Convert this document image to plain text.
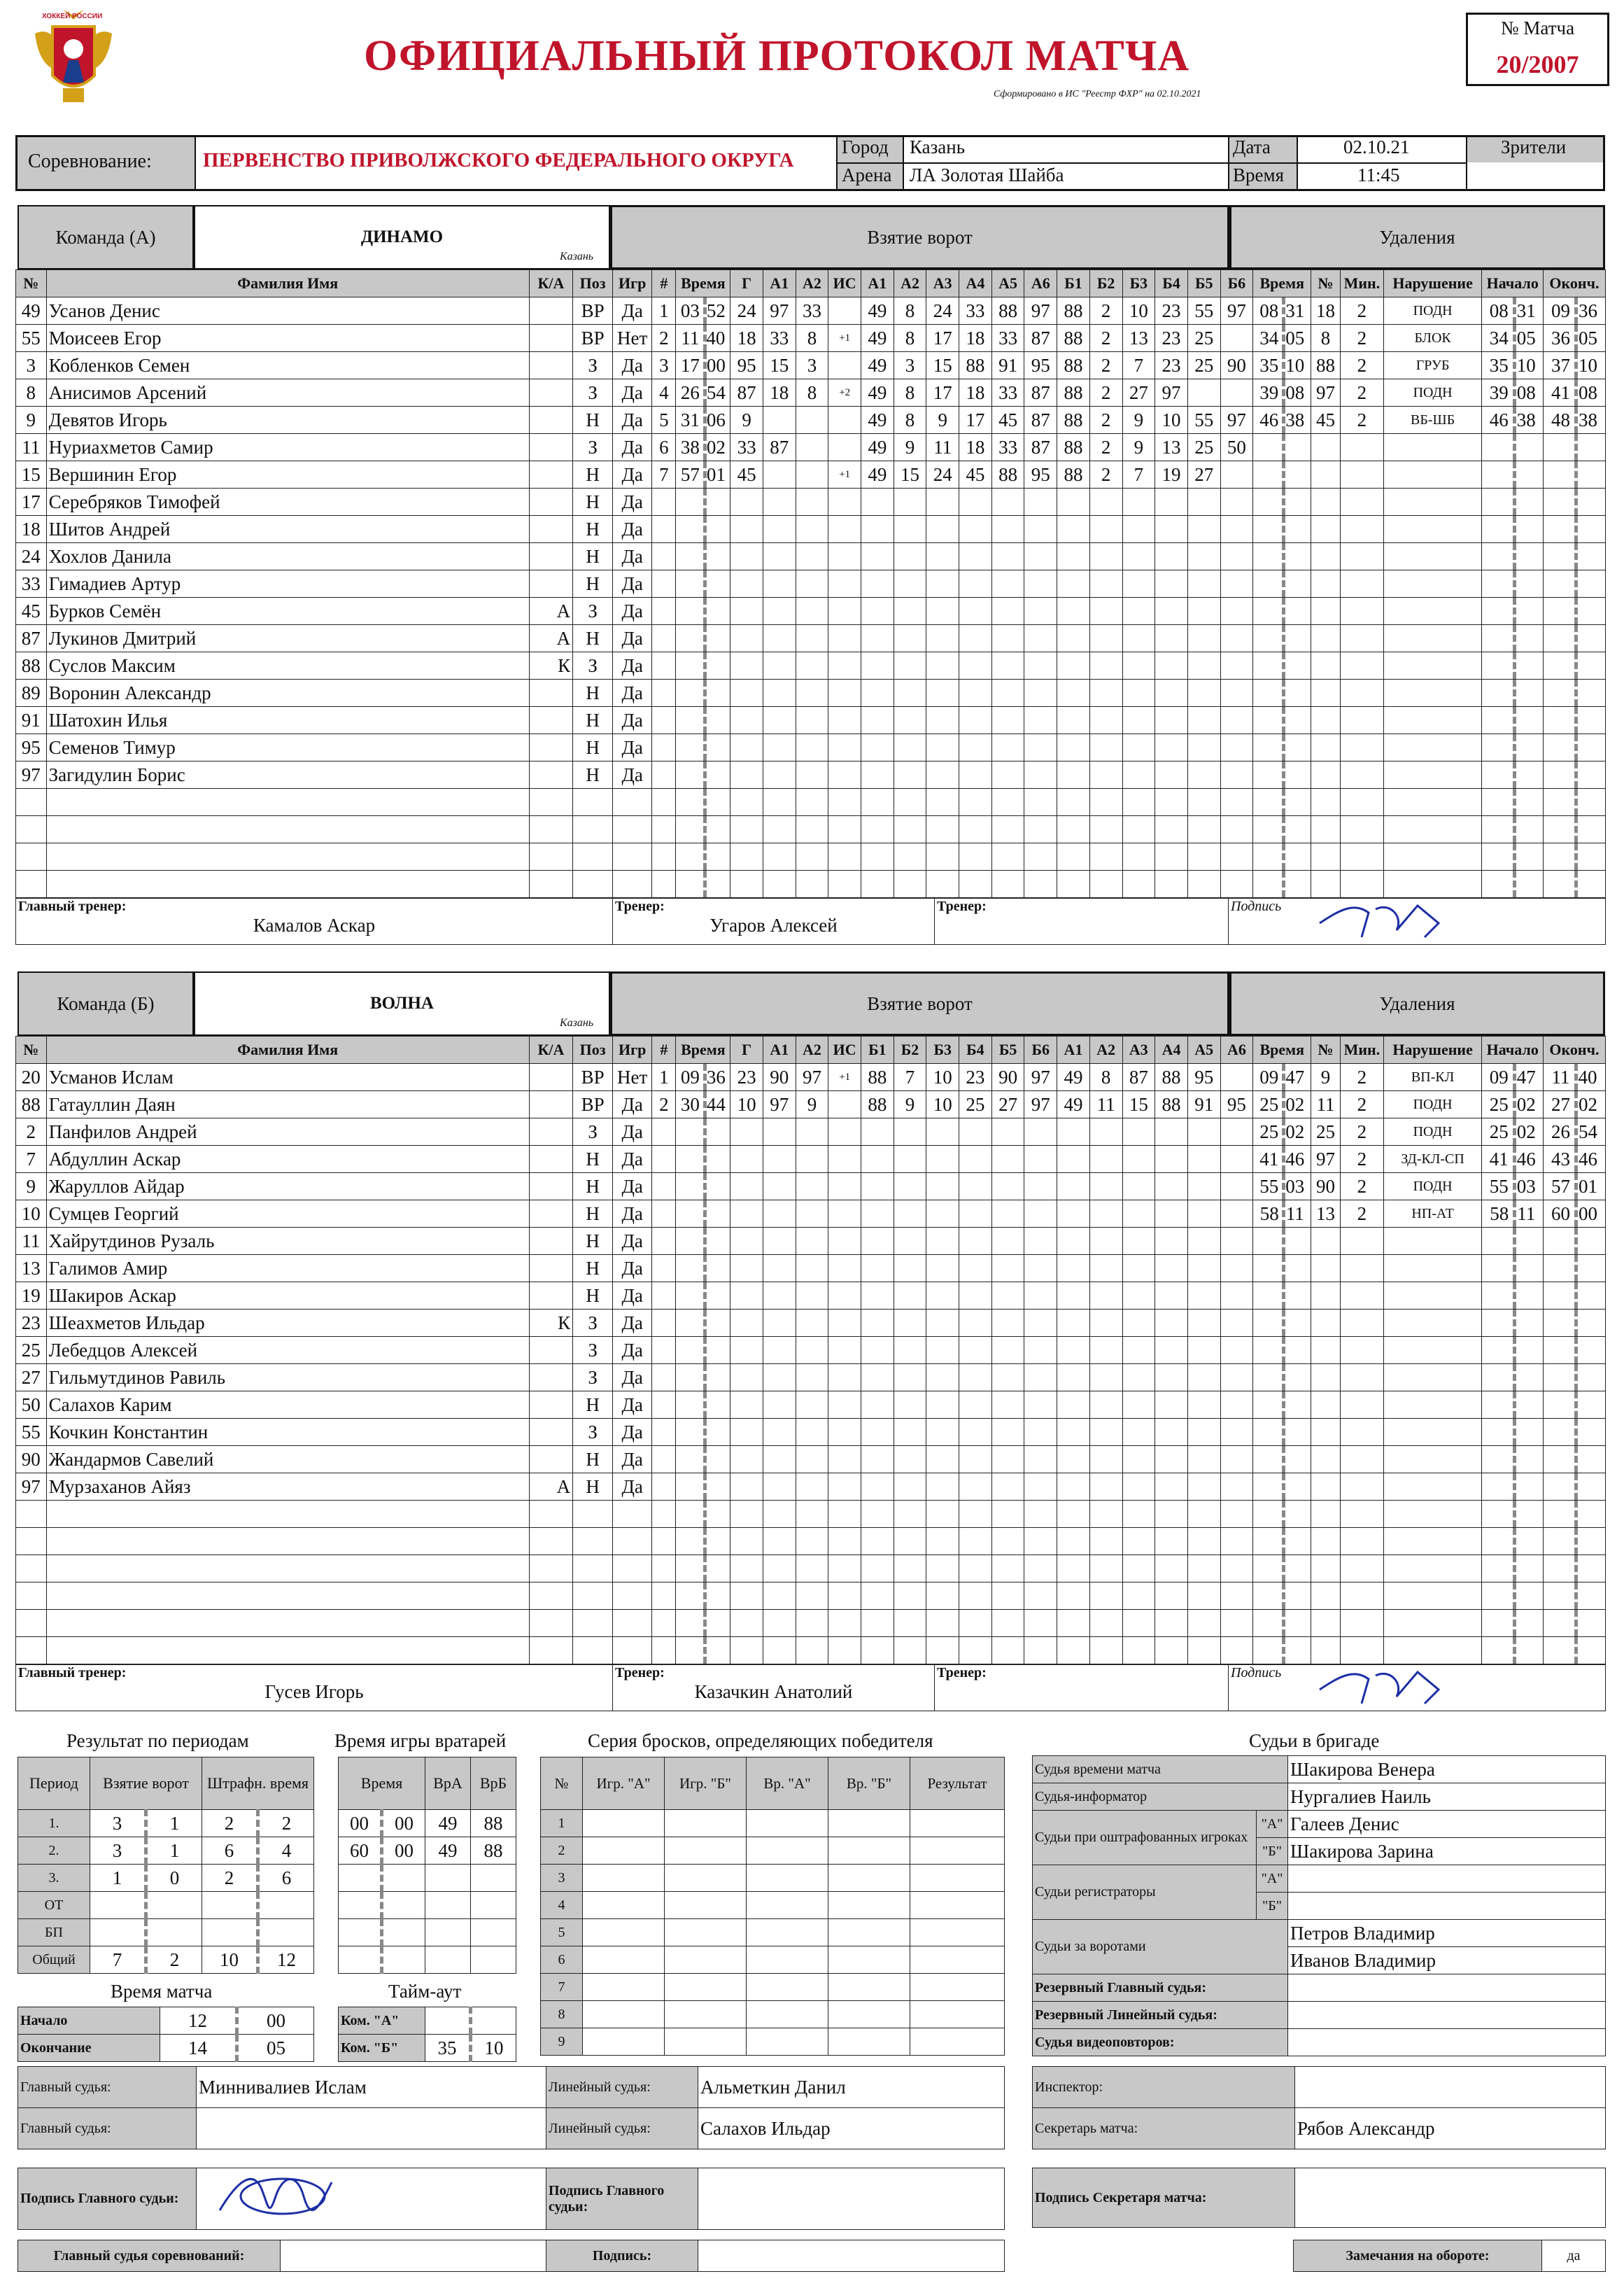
ХОККЕЙ РОССИИ
ОФИЦИАЛЬНЫЙ ПРОТОКОЛ МАТЧА
Сформировано в ИС "Реестр ФХР" на 02.10.2021
№ Матча
20/2007
Соревнование:	ПЕРВЕНСТВО ПРИВОЛЖСКОГО ФЕДЕРАЛЬНОГО ОКРУГА
Город Казань
Арена ЛА Золотая Шайба
Дата	02.10.21
Время	11:45
Зрители
Команда (А)	ДИНАМО
Казань
Взятие ворот	Удаления
№	Фамилия Имя	К/А	Поз	Игр	#	Время	Г	А1	А2	ИС	А1	А2	А3	А4	А5	А6	Б1	Б2	Б3	Б4	Б5	Б6	Время	№	Мин.	Нарушение	Начало	Оконч.
49	Усанов Денис		ВР	Да	1	03 52	24	97	33		49	8	24	33	88	97	88	2	10	23	55	97	08 31	18	2	ПОДН	08 31	09 36

55	Моисеев Егор		ВР	Нет	2	11 40	18	33	8	+1	49	8	17	18	33	87	88	2	13	23	25		34 05	8	2	БЛОК	34 05	36 05

3	Кобленков Семен		З	Да	3	17 00	95	15	3		49	3	15	88	91	95	88	2	7	23	25	90	35 10	88	2	ГРУБ	35 10	37 10

8	Анисимов Арсений		З	Да	4	26 54	87	18	8	+2	49	8	17	18	33	87	88	2	27	97			39 08	97	2	ПОДН	39 08	41 08

9	Девятов Игорь		Н	Да	5	31 06	9				49	8	9	17	45	87	88	2	9	10	55	97	46 38	45	2	ВБ-ШБ	46 38	48 38

11	Нуриахметов Самир		З	Да	6	38 02	33	87			49	9	11	18	33	87	88	2	9	13	25	50	

15	Вершинин Егор		Н	Да	7	57 01	45			+1	49	15	24	45	88	95	88	2	7	19	27		

17	Серебряков Тимофей		Н	Да		

18	Шитов Андрей		Н	Да		

24	Хохлов Данила		Н	Да		

33	Гимадиев Артур		Н	Да		

45	Бурков Семён	А	З	Да		

87	Лукинов Дмитрий	А	Н	Да		

88	Суслов Максим	К	З	Да		

89	Воронин Александр		Н	Да		

91	Шатохин Илья		Н	Да		

95	Семенов Тимур		Н	Да		

97	Загидулин Борис		Н	Да		

Главный тренер:
Камалов Аскар

Тренер:
Угаров Алексей

Тренер:	Подпись
Команда (Б)	ВОЛНА
Казань
Взятие ворот	Удаления
№	Фамилия Имя	К/А	Поз	Игр	#	Время	Г	А1	А2	ИС	Б1	Б2	Б3	Б4	Б5	Б6	А1	А2	А3	А4	А5	А6	Время	№	Мин.	Нарушение	Начало	Оконч.
20	Усманов Ислам		ВР	Нет	1	09 36	23	90	97	+1	88	7	10	23	90	97	49	8	87	88	95		09 47	9	2	ВП-КЛ	09 47	11 40

88	Гатауллин Даян		ВР	Да	2	30 44	10	97	9		88	9	10	25	27	97	49	11	15	88	91	95	25 02	11	2	ПОДН	25 02	27 02

2	Панфилов Андрей		З	Да																			25 02	25	2	ПОДН	25 02	26 54

7	Абдуллин Аскар		Н	Да																			41 46	97	2	ЗД-КЛ-СП	41 46	43 46

9	Жаруллов Айдар		Н	Да																			55 03	90	2	ПОДН	55 03	57 01

10	Сумцев Георгий		Н	Да																			58 11	13	2	НП-АТ	58 11	60 00

11	Хайрутдинов Рузаль		Н	Да		

13	Галимов Амир		Н	Да		

19	Шакиров Аскар		Н	Да		

23	Шеахметов Ильдар	К	З	Да		

25	Лебедцов Алексей		З	Да		

27	Гильмутдинов Равиль		З	Да		

50	Салахов Карим		Н	Да		

55	Кочкин Константин		З	Да		

90	Жандармов Савелий		Н	Да		

97	Мурзаханов Айяз	А	Н	Да		

Главный тренер:
Гусев Игорь

Тренер:
Казачкин Анатолий

Тренер:	Подпись
Результат по периодам
Период	Взятие ворот		Штрафн. время	
1.	3	1	2	2
2.	3	1	6	4
3.	1	0	2	6
ОТ				
БП				
Общий	7	2	10	12
Время матча
Начало	12	00
Окончание	14	05
Время игры вратарей
Время		ВрА	ВрБ
00	00	49	88
60	00	49	88

Тайм-аут
Ком. "А"		
Ком. "Б"	35	10
Серия бросков, определяющих победителя
№	Игр. "А"	Игр. "Б"	Вр. "А"	Вр. "Б"	Результат
1					
2					
3					
4					
5					
6					
7					
8					
9					
Судьи в бригаде
Судья времени матча		Шакирова Венера
Судья-информатор		Нургалиев Наиль
Судьи при оштрафованных игроках	"А"	Галеев Денис
	"Б"	Шакирова Зарина
Судьи регистраторы	"А"	
	"Б"	
Судьи за воротами		Петров Владимир
		Иванов Владимир
Резервный Главный судья:		
Резервный Линейный судья:		
Судья видеоповторов:		
Главный судья:	Миннивалиев Ислам	Линейный судья:	Альметкин Данил
Главный судья:		Линейный судья:	Салахов Ильдар
Инспектор:	
Секретарь матча:	Рябов Александр
Подпись Главного судьи:		Подпись Главного судьи:	
Подпись Секретаря матча:	
Главный судья соревнований:		Подпись:		Замечания на обороте:	да
